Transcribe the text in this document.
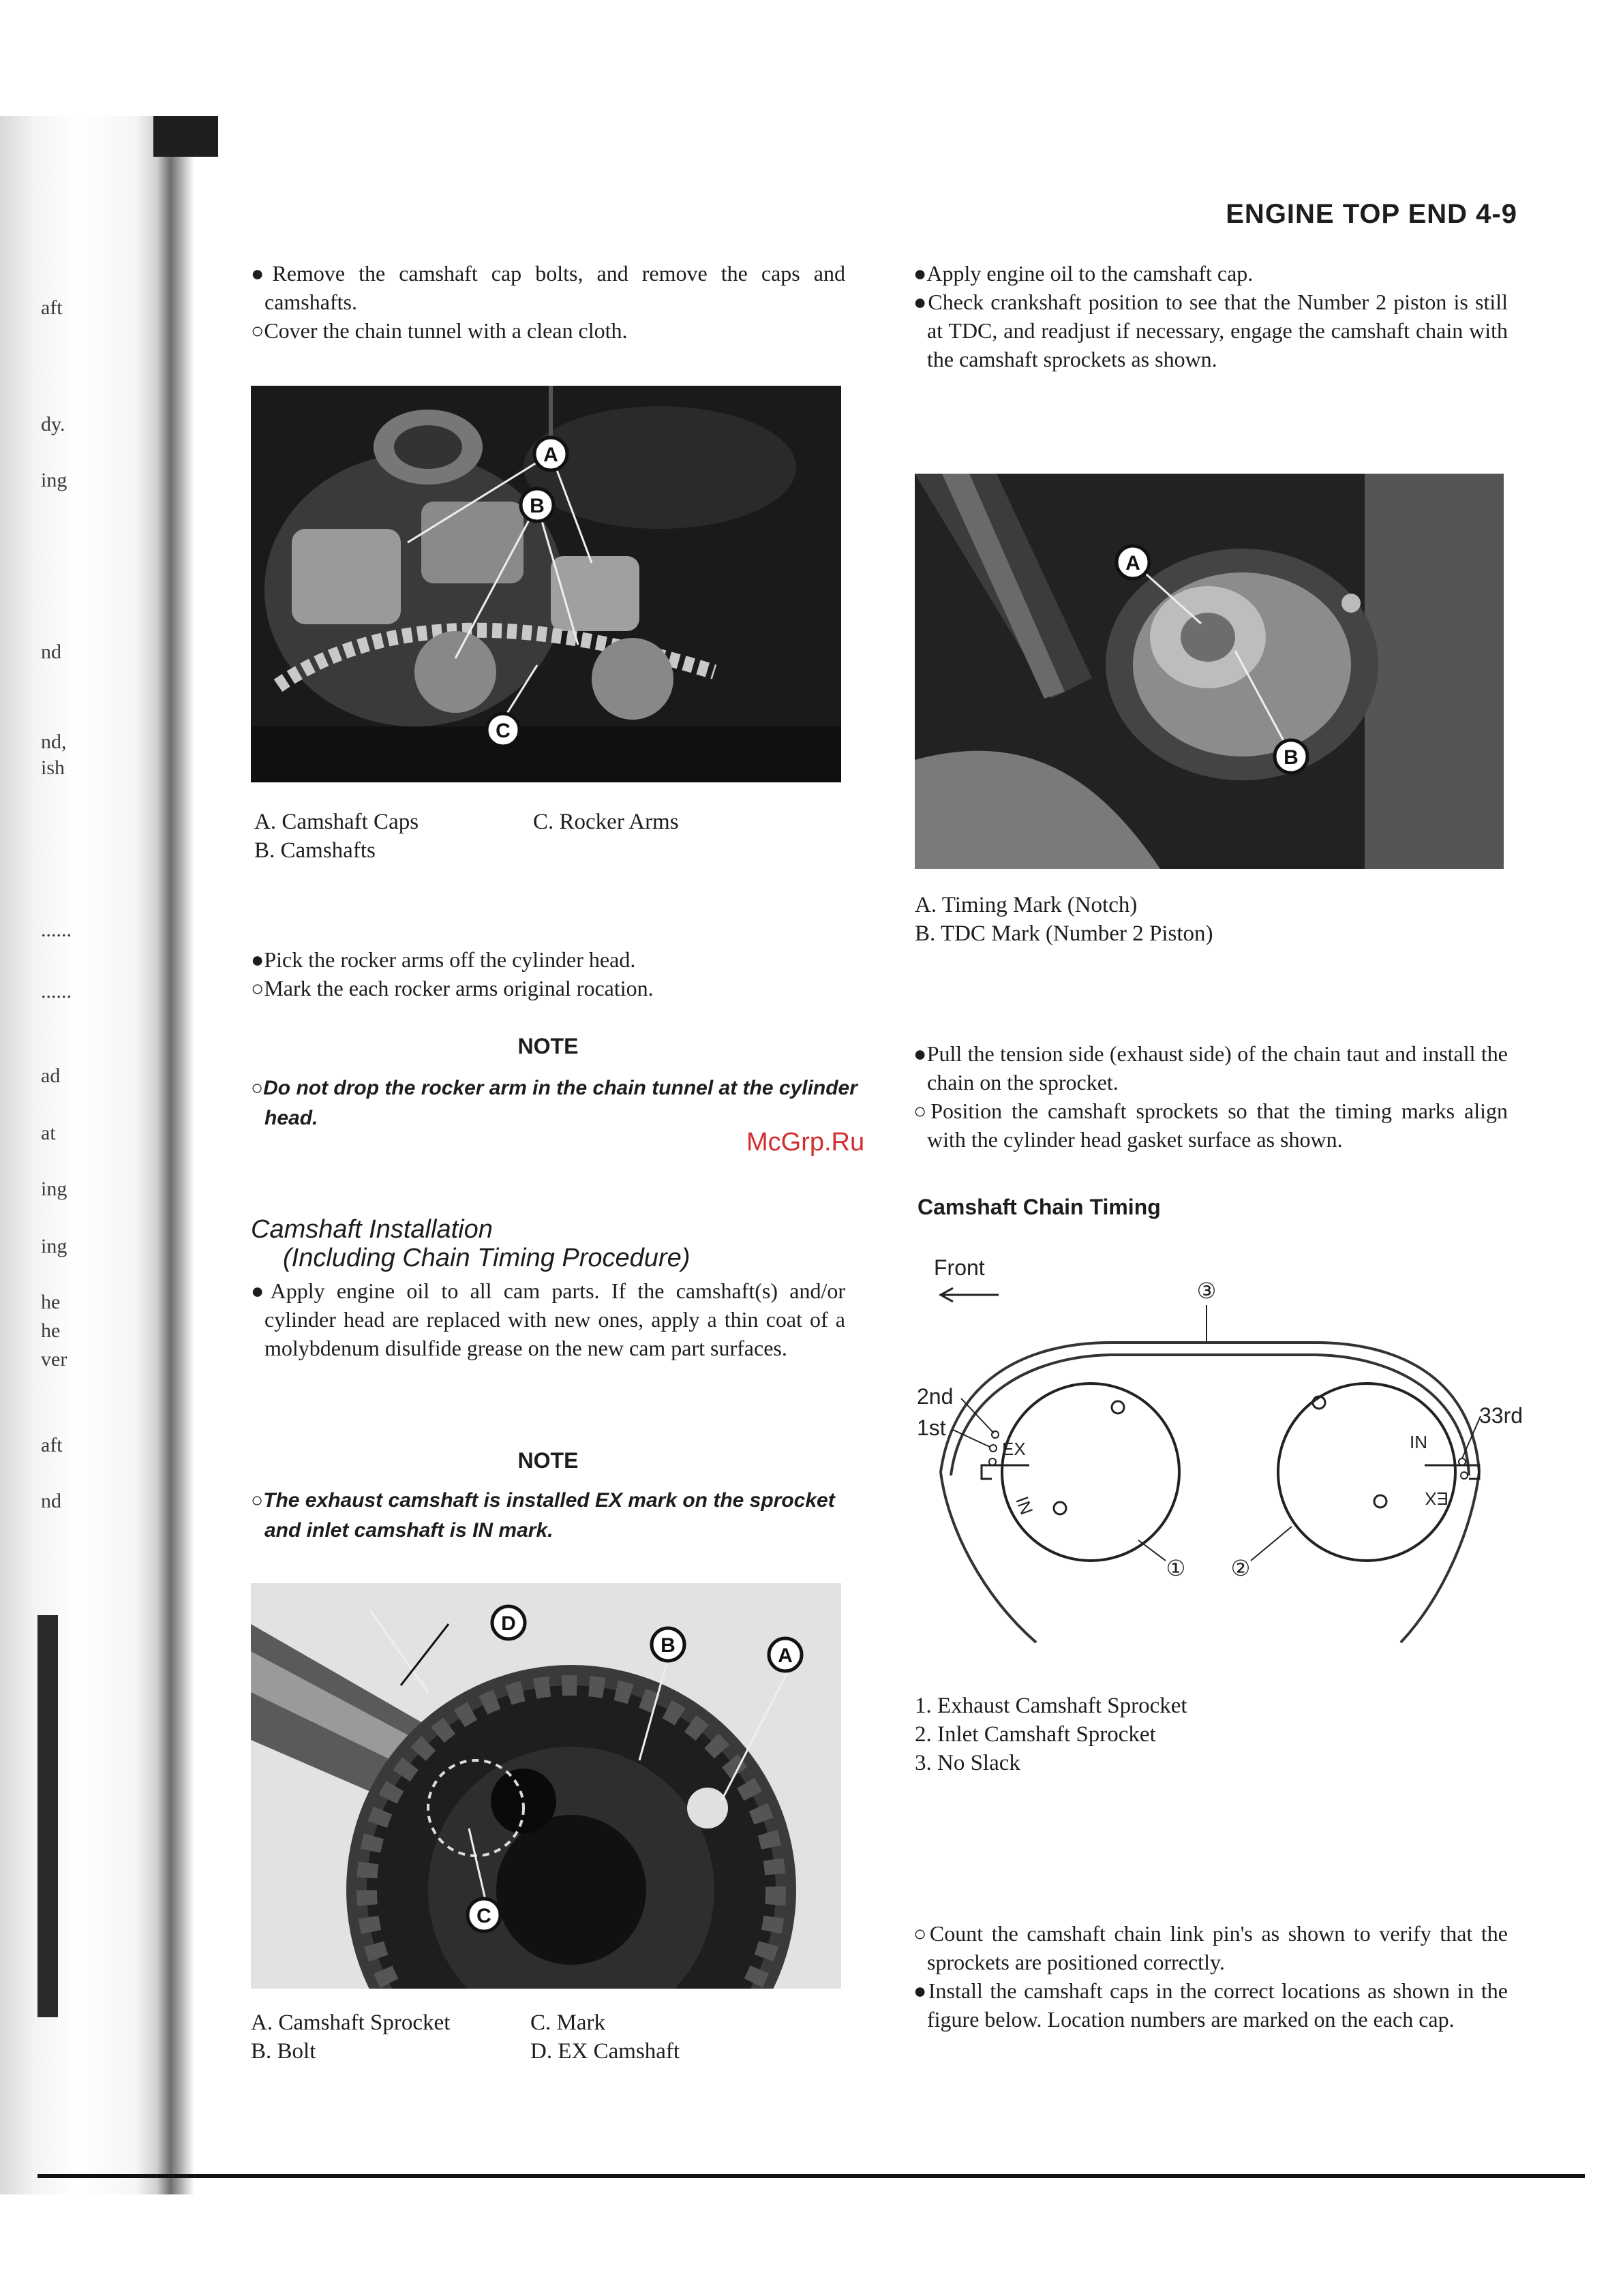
aft
dy.
ing
nd
nd,
ish
......
......
ad
at
ing
ing
he
he
ver
aft
nd
ENGINE TOP END 4-9
●Remove the camshaft cap bolts, and remove the caps and camshafts.
○Cover the chain tunnel with a clean cloth.
A
B
C
A. Camshaft Caps
B. Camshafts
C. Rocker Arms
●Pick the rocker arms off the cylinder head.
○Mark the each rocker arms original rocation.
NOTE
○Do not drop the rocker arm in the chain tunnel at the cylinder head.
McGrp.Ru
Camshaft Installation
(Including Chain Timing Procedure)
●Apply engine oil to all cam parts. If the camshaft(s) and/or cylinder head are replaced with new ones, apply a thin coat of a molybdenum disulfide grease on the new cam part surfaces.
NOTE
○The exhaust camshaft is installed EX mark on the sprocket and inlet camshaft is IN mark.
D
B	A
C
A. Camshaft Sprocket
B. Bolt
C. Mark
D. EX Camshaft
●Apply engine oil to the camshaft cap.
●Check crankshaft position to see that the Number 2 piston is still at TDC, and readjust if necessary, engage the camshaft chain with the camshaft sprockets as shown.
A
B
A. Timing Mark (Notch)
B. TDC Mark (Number 2 Piston)
●Pull the tension side (exhaust side) of the chain taut and install the chain on the sprocket.
○Position the camshaft sprockets so that the timing marks align with the cylinder head gasket surface as shown.
Camshaft Chain Timing
Front
EX
IN
IN
EX
2nd
1st	33rd
③
① ②
1. Exhaust Camshaft Sprocket
2. Inlet Camshaft Sprocket
3. No Slack
○Count the camshaft chain link pin's as shown to verify that the sprockets are positioned correctly.
●Install the camshaft caps in the correct locations as shown in the figure below. Location numbers are marked on the each cap.
